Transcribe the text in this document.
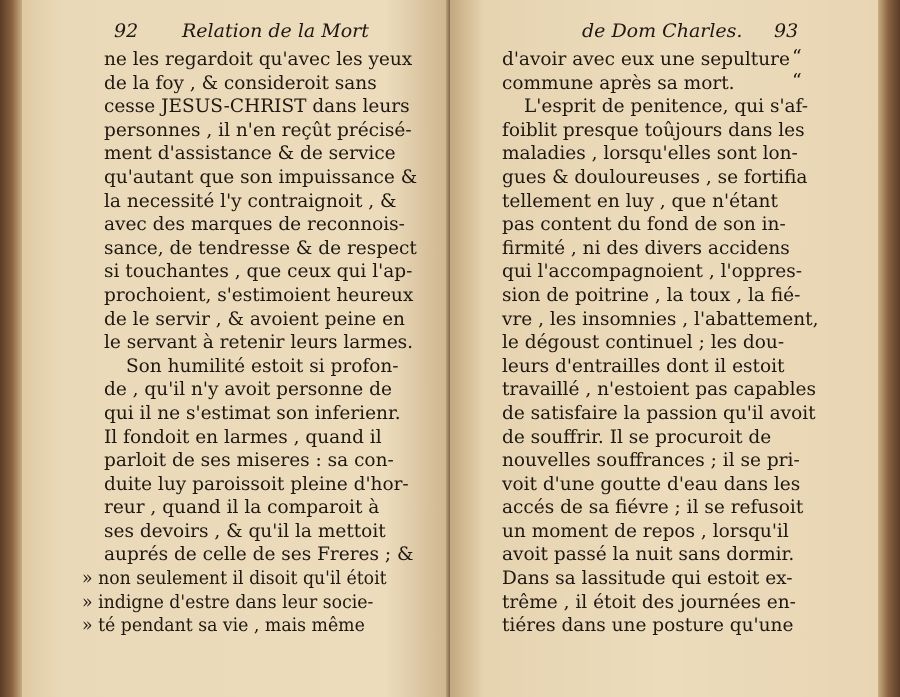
92 Relation de la Mort
ne les regardoit qu'avec les yeux
de la foy , & consideroit sans
cesse JESUS-CHRIST dans leurs
personnes , il n'en reçût précisé-
ment d'assistance & de service
qu'autant que son impuissance &
la necessité l'y contraignoit , &
avec des marques de reconnois-
sance, de tendresse & de respect
si touchantes , que ceux qui l'ap-
prochoient, s'estimoient heureux
de le servir , & avoient peine en
le servant à retenir leurs larmes.
Son humilité estoit si profon-
de , qu'il n'y avoit personne de
qui il ne s'estimat son inferienr.
Il fondoit en larmes , quand il
parloit de ses miseres : sa con-
duite luy paroissoit pleine d'hor-
reur , quand il la comparoit à
ses devoirs , & qu'il la mettoit
auprés de celle de ses Freres ; &
» non seulement il disoit qu'il étoit
» indigne d'estre dans leur socie-
» té pendant sa vie , mais même
de Dom Charles. 93
“
“
d'avoir avec eux une sepulture
commune après sa mort.
L'esprit de penitence, qui s'af-
foiblit presque toûjours dans les
maladies , lorsqu'elles sont lon-
gues & douloureuses , se fortifia
tellement en luy , que n'étant
pas content du fond de son in-
firmité , ni des divers accidens
qui l'accompagnoient , l'oppres-
sion de poitrine , la toux , la fié-
vre , les insomnies , l'abattement,
le dégoust continuel ; les dou-
leurs d'entrailles dont il estoit
travaillé , n'estoient pas capables
de satisfaire la passion qu'il avoit
de souffrir. Il se procuroit de
nouvelles souffrances ; il se pri-
voit d'une goutte d'eau dans les
accés de sa fiévre ; il se refusoit
un moment de repos , lorsqu'il
avoit passé la nuit sans dormir.
Dans sa lassitude qui estoit ex-
trême , il étoit des journées en-
tiéres dans une posture qu'une
